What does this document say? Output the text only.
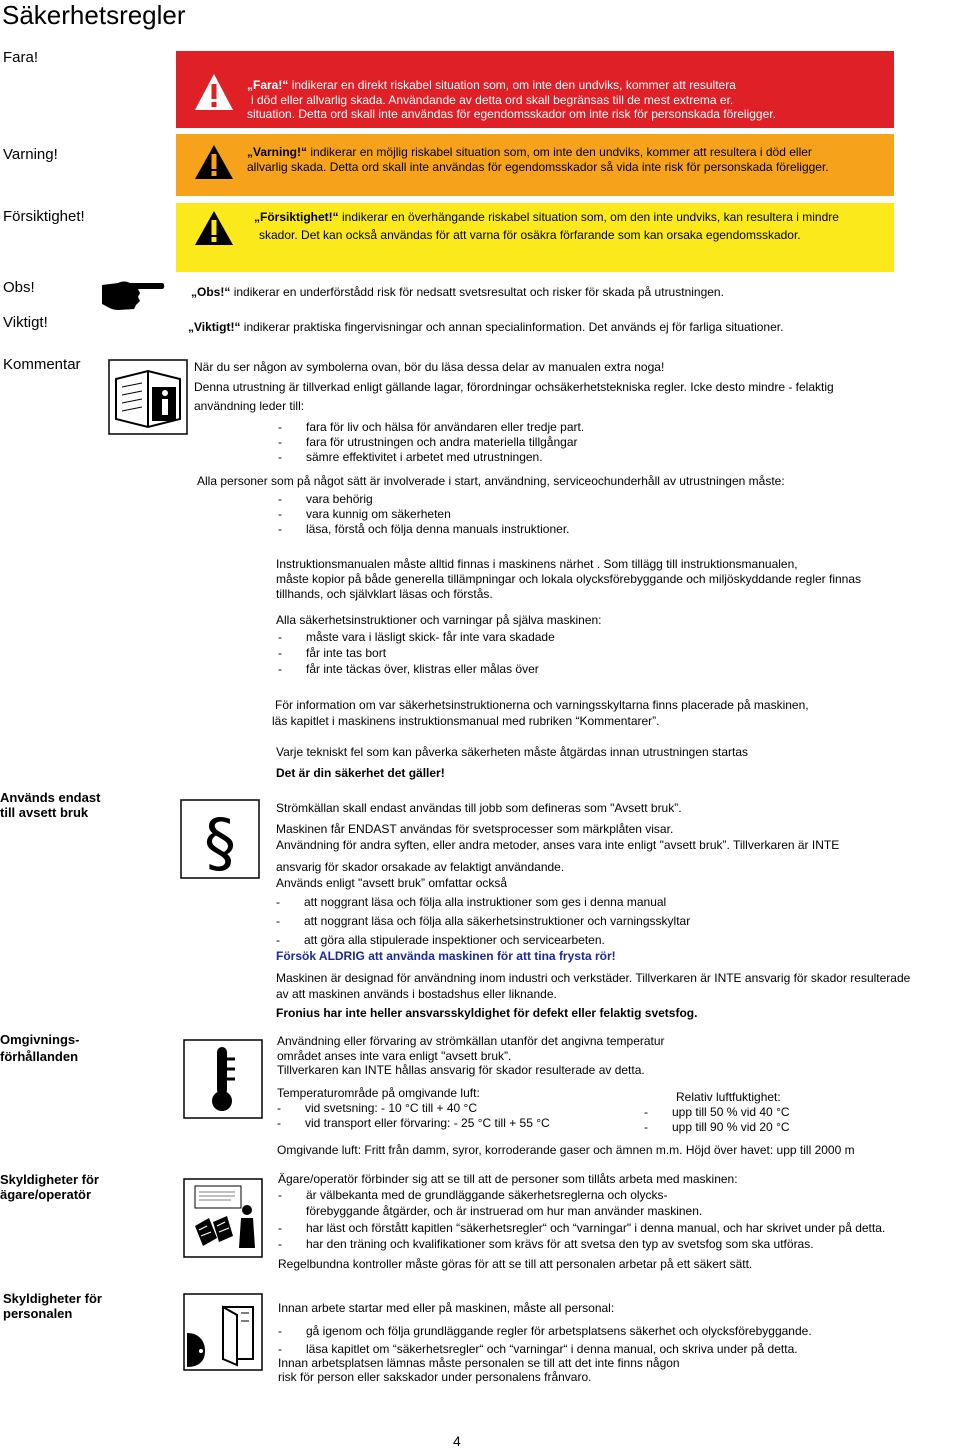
Säkerhetsregler
Fara!
Varning!
Försiktighet!
Obs!
Viktigt!
Kommentar
Används endast
till avsett bruk
Omgivnings-
förhållanden
Skyldigheter för
ägare/operatör
Skyldigheter för
personalen
„Fara!“ indikerar en direkt riskabel situation som, om inte den undviks, kommer att resultera
i död eller allvarlig skada. Användande av detta ord skall begränsas till de mest extrema er.
situation. Detta ord skall inte användas för egendomsskador om inte risk för personskada föreligger.
„Varning!“ indikerar en möjlig riskabel situation som, om inte den undviks, kommer att resultera i död eller
allvarlig skada. Detta ord skall inte användas för egendomsskador så vida inte risk för personskada föreligger.
„Försiktighet!“ indikerar en överhängande riskabel situation som, om den inte undviks, kan resultera i mindre
skador. Det kan också användas för att varna för osäkra förfarande som kan orsaka egendomsskador.
„Obs!“ indikerar en underförstådd risk för nedsatt svetsresultat och risker för skada på utrustningen.
„Viktigt!“ indikerar praktiska fingervisningar och annan specialinformation. Det används ej för farliga situationer.
När du ser någon av symbolerna ovan, bör du läsa dessa delar av manualen extra noga!
Denna utrustning är tillverkad enligt gällande lagar, förordningar ochsäkerhetstekniska regler. Icke desto mindre - felaktig
användning leder till:
- fara för liv och hälsa för användaren eller tredje part.
- fara för utrustningen och andra materiella tillgångar
- sämre effektivitet i arbetet med utrustningen.
Alla personer som på något sätt är involverade i start, användning, serviceochunderhåll av utrustningen måste:
- vara behörig
- vara kunnig om säkerheten
- läsa, förstå och följa denna manuals instruktioner.
Instruktionsmanualen måste alltid finnas i maskinens närhet . Som tillägg till instruktionsmanualen,
måste kopior på både generella tillämpningar och lokala olycksförebyggande och miljöskyddande regler finnas
tillhands, och självklart läsas och förstås.
Alla säkerhetsinstruktioner och varningar på själva maskinen:
- måste vara i läsligt skick- får inte vara skadade
- får inte tas bort
- får inte täckas över, klistras eller målas över
För information om var säkerhetsinstruktionerna och varningsskyltarna finns placerade på maskinen,
läs kapitlet i maskinens instruktionsmanual med rubriken “Kommentarer”.
Varje tekniskt fel som kan påverka säkerheten måste åtgärdas innan utrustningen startas
Det är din säkerhet det gäller!
§	Strömkällan skall endast användas till jobb som defineras som "Avsett bruk”.
Maskinen får ENDAST användas för svetsprocesser som märkplåten visar.
Användning för andra syften, eller andra metoder, anses vara inte enligt "avsett bruk”. Tillverkaren är INTE
ansvarig för skador orsakade av felaktigt användande.
Används enligt "avsett bruk” omfattar också
- att noggrant läsa och följa alla instruktioner som ges i denna manual
- att noggrant läsa och följa alla säkerhetsinstruktioner och varningsskyltar
- att göra alla stipulerade inspektioner och servicearbeten.
Försök ALDRIG att använda maskinen för att tina frysta rör!
Maskinen är designad för användning inom industri och verkstäder. Tillverkaren är INTE ansvarig för skador resulterade
av att maskinen används i bostadshus eller liknande.
Fronius har inte heller ansvarsskyldighet för defekt eller felaktig svetsfog.
Användning eller förvaring av strömkällan utanför det angivna temperatur
området anses inte vara enligt "avsett bruk”.
Tillverkaren kan INTE hållas ansvarig för skador resulterade av detta.
Temperaturområde på omgivande luft:
- vid svetsning: - 10 °C till + 40 °C
- vid transport eller förvaring: - 25 °C till + 55 °C
Relativ luftfuktighet:
- upp till 50 % vid 40 °C
- upp till 90 % vid 20 °C
Omgivande luft: Fritt från damm, syror, korroderande gaser och ämnen m.m. Höjd över havet: upp till 2000 m
Ägare/operatör förbinder sig att se till att de personer som tillåts arbeta med maskinen:
- är välbekanta med de grundläggande säkerhetsreglerna och olycks-
förebyggande åtgärder, och är instruerad om hur man använder maskinen.
- har läst och förstått kapitlen “säkerhetsregler“ och “varningar" i denna manual, och har skrivet under på detta.
- har den träning och kvalifikationer som krävs för att svetsa den typ av svetsfog som ska utföras.
Regelbundna kontroller måste göras för att se till att personalen arbetar på ett säkert sätt.
Innan arbete startar med eller på maskinen, måste all personal:
- gå igenom och följa grundläggande regler för arbetsplatsens säkerhet och olycksförebyggande.
- läsa kapitlet om “säkerhetsregler“ och “varningar“ i denna manual, och skriva under på detta.
Innan arbetsplatsen lämnas måste personalen se till att det inte finns någon
risk för person eller sakskador under personalens frånvaro.
4
